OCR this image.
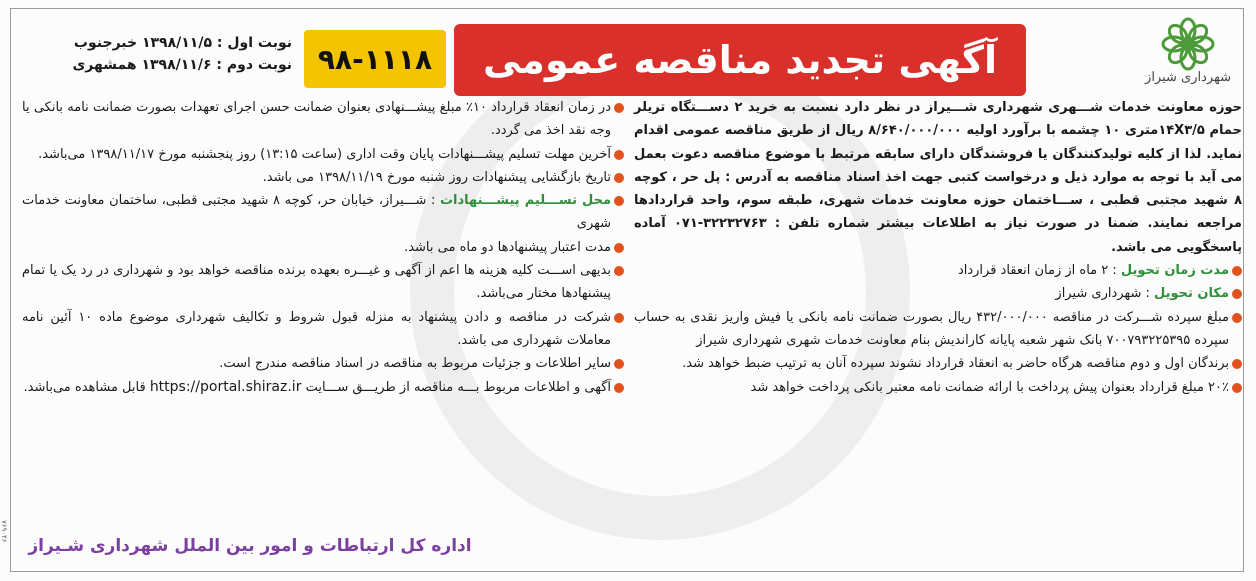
شهرداری شیراز
آگهی تجدید مناقصه عمومی
۹۸-۱۱۱۸
نوبت اول : ۱۳۹۸/۱۱/۵ خبرجنوب
نوبت دوم : ۱۳۹۸/۱۱/۶ همشهری

حوزه معاونت خدمات شـــهری شهرداری شـــیراز در نظر دارد نسبت به خرید ۲ دســـتگاه تریلر حمام ۱۴X۳/۵متری ۱۰ چشمه با برآورد اولیه ۸/۶۴۰/۰۰۰/۰۰۰ ریال از طریق مناقصه عمومی اقدام نماید. لذا از کلیه تولیدکنندگان یا فروشندگان دارای سابقه مرتبط با موضوع مناقصه دعوت بعمل می آید با توجه به موارد ذیل و درخواست کتبی جهت اخذ اسناد مناقصه به آدرس : پل حر ، کوچه ۸ شهید مجتبی قطبی ، ســـاختمان حوزه معاونت خدمات شهری، طبقه سوم، واحد قراردادها مراجعه نمایند. ضمنا در صورت نیاز به اطلاعات بیشتر شماره تلفن : ۳۲۲۳۲۷۶۳-۰۷۱ آماده پاسخگویی می باشد.

مدت زمان تحویل : ۲ ماه از زمان انعقاد قرارداد

مکان تحویل : شهرداری شیراز

مبلغ سپرده شـــرکت در مناقصه ۴۳۲/۰۰۰/۰۰۰ ریال بصورت ضمانت نامه بانکی یا فیش واریز نقدی به حساب سپرده ۷۰۰۷۹۳۲۲۵۳۹۵ بانک شهر شعبه پایانه کاراندیش بنام معاونت خدمات شهری شهرداری شیراز

برندگان اول و دوم مناقصه هرگاه حاضر به انعقاد قرارداد نشوند سپرده آنان به ترتیب ضبط خواهد شد.

۲۰٪ مبلغ قرارداد بعنوان پیش پرداخت با ارائه ضمانت نامه معتبر بانکی پرداخت خواهد شد

در زمان انعقاد قرارداد ۱۰٪ مبلغ پیشـــنهادی بعنوان ضمانت حسن اجرای تعهدات بصورت ضمانت نامه بانکی یا وجه نقد اخذ می گردد.

آخرین مهلت تسلیم پیشـــنهادات پایان وقت اداری (ساعت ۱۳:۱۵) روز پنجشنبه مورخ ۱۳۹۸/۱۱/۱۷ می‌باشد.

تاریخ بازگشایی پیشنهادات روز شنبه مورخ ۱۳۹۸/۱۱/۱۹ می باشد.

محل تســـلیم پیشـــنهادات : شـــیراز، خیابان حر، کوچه ۸ شهید مجتبی قطبی، ساختمان معاونت خدمات شهری

مدت اعتبار پیشنهادها دو ماه می باشد.

بدیهی اســـت کلیه هزینه ها اعم از آگهی و غیـــره بعهده برنده مناقصه خواهد بود و شهرداری در رد یک یا تمام پیشنهادها مختار می‌باشد.

شرکت در مناقصه و دادن پیشنهاد به منزله قبول شروط و تکالیف شهرداری موضوع ماده ۱۰ آئین نامه معاملات شهرداری می باشد.

سایر اطلاعات و جزئیات مربوط به مناقصه در اسناد مناقصه مندرج است.

آگهی و اطلاعات مربوط بـــه مناقصه از طریـــق ســـایت https://portal.shiraz.ir قابل مشاهده می‌باشد.

اداره کل ارتباطات و امور بین الملل شهرداری شـیراز
۷۶۹۰۴۶
